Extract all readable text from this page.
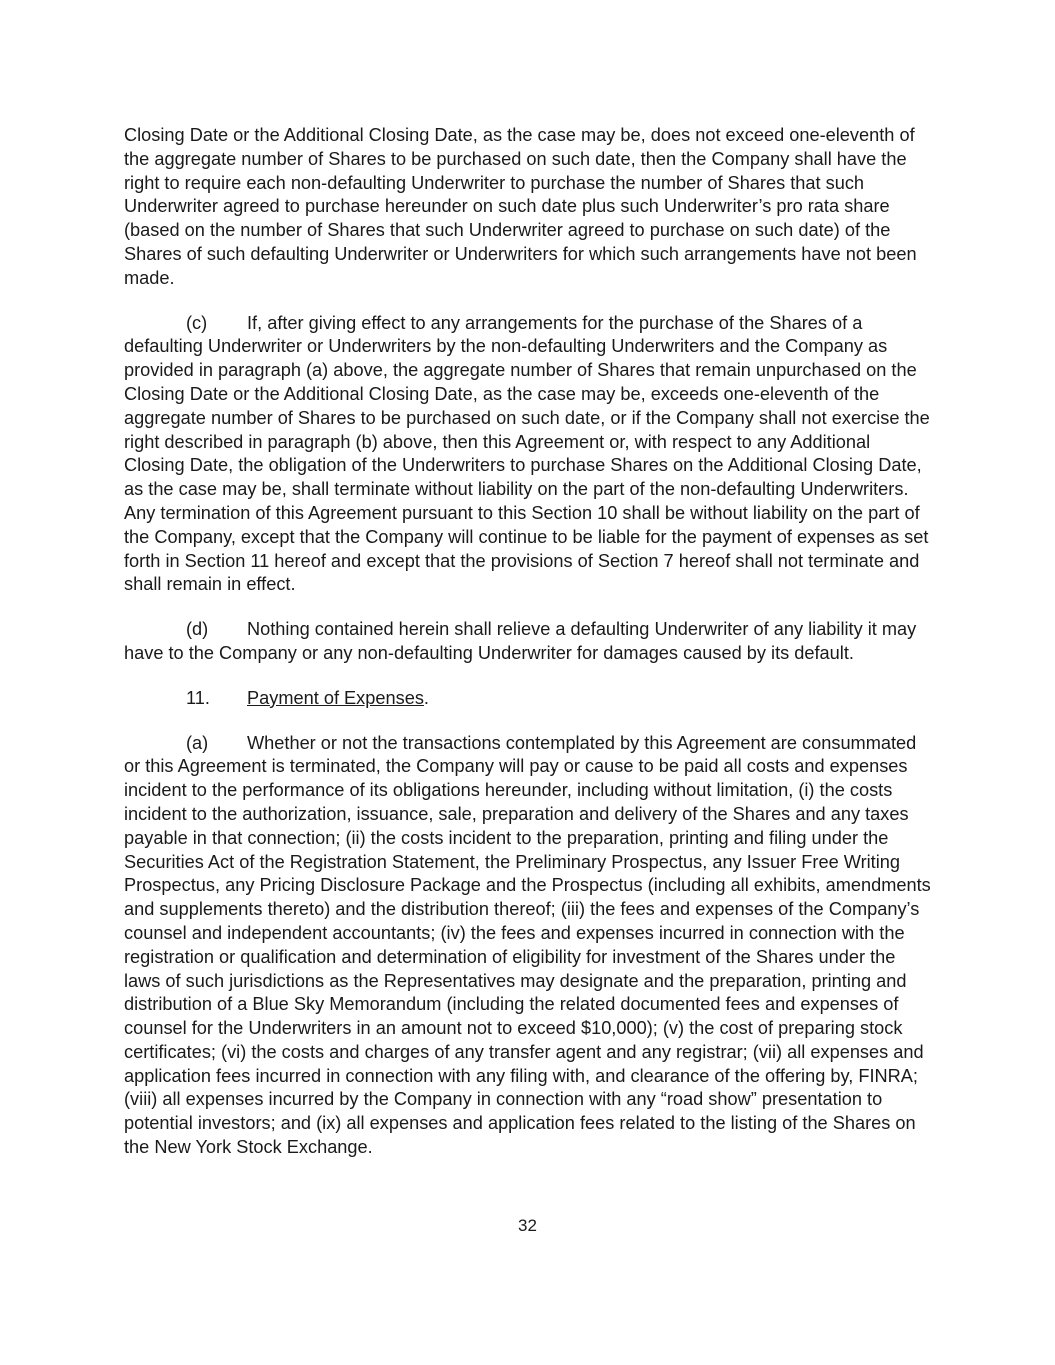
Closing Date or the Additional Closing Date, as the case may be, does not exceed one-eleventh of the aggregate number of Shares to be purchased on such date, then the Company shall have the right to require each non-defaulting Underwriter to purchase the number of Shares that such Underwriter agreed to purchase hereunder on such date plus such Underwriter’s pro rata share (based on the number of Shares that such Underwriter agreed to purchase on such date) of the Shares of such defaulting Underwriter or Underwriters for which such arrangements have not been made.

(c) If, after giving effect to any arrangements for the purchase of the Shares of a defaulting Underwriter or Underwriters by the non-defaulting Underwriters and the Company as provided in paragraph (a) above, the aggregate number of Shares that remain unpurchased on the Closing Date or the Additional Closing Date, as the case may be, exceeds one-eleventh of the aggregate number of Shares to be purchased on such date, or if the Company shall not exercise the right described in paragraph (b) above, then this Agreement or, with respect to any Additional Closing Date, the obligation of the Underwriters to purchase Shares on the Additional Closing Date, as the case may be, shall terminate without liability on the part of the non-defaulting Underwriters. Any termination of this Agreement pursuant to this Section 10 shall be without liability on the part of the Company, except that the Company will continue to be liable for the payment of expenses as set forth in Section 11 hereof and except that the provisions of Section 7 hereof shall not terminate and shall remain in effect.

(d) Nothing contained herein shall relieve a defaulting Underwriter of any liability it may have to the Company or any non-defaulting Underwriter for damages caused by its default.

11. Payment of Expenses.

(a) Whether or not the transactions contemplated by this Agreement are consummated or this Agreement is terminated, the Company will pay or cause to be paid all costs and expenses incident to the performance of its obligations hereunder, including without limitation, (i) the costs incident to the authorization, issuance, sale, preparation and delivery of the Shares and any taxes payable in that connection; (ii) the costs incident to the preparation, printing and filing under the Securities Act of the Registration Statement, the Preliminary Prospectus, any Issuer Free Writing Prospectus, any Pricing Disclosure Package and the Prospectus (including all exhibits, amendments and supplements thereto) and the distribution thereof; (iii) the fees and expenses of the Company’s counsel and independent accountants; (iv) the fees and expenses incurred in connection with the registration or qualification and determination of eligibility for investment of the Shares under the laws of such jurisdictions as the Representatives may designate and the preparation, printing and distribution of a Blue Sky Memorandum (including the related documented fees and expenses of counsel for the Underwriters in an amount not to exceed $10,000); (v) the cost of preparing stock certificates; (vi) the costs and charges of any transfer agent and any registrar; (vii) all expenses and application fees incurred in connection with any filing with, and clearance of the offering by, FINRA; (viii) all expenses incurred by the Company in connection with any “road show” presentation to potential investors; and (ix) all expenses and application fees related to the listing of the Shares on the New York Stock Exchange.

32
